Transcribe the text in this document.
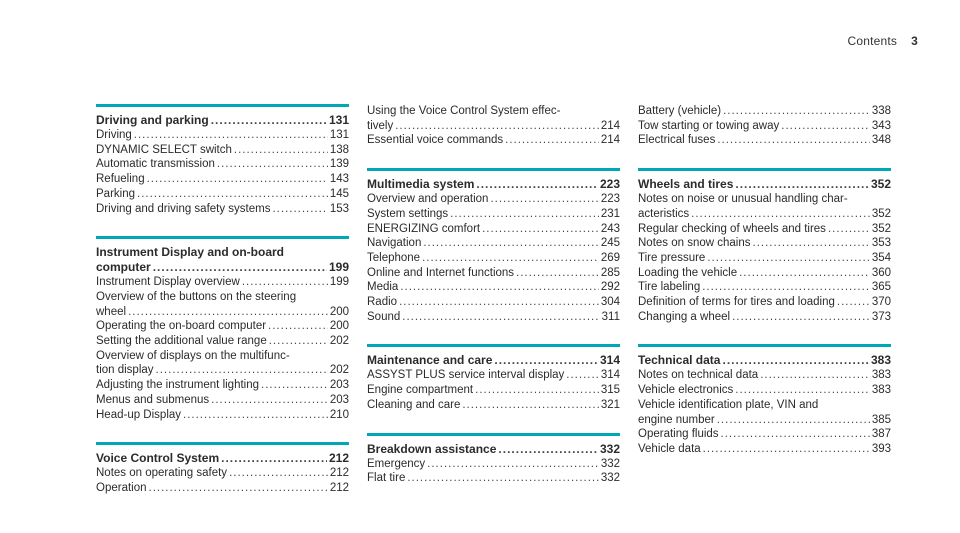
Contents 3
Driving and parking .....	131
Driving .....	131
DYNAMIC SELECT switch .....	138
Automatic transmission .....	139
Refueling .....	143
Parking .....	145
Driving and driving safety systems .....	153
Instrument Display and on-board
computer .....	199
Instrument Display overview .....	199
Overview of the buttons on the steering
wheel .....	200
Operating the on-board computer .....	200
Setting the additional value range .....	202
Overview of displays on the multifunc-
tion display .....	202
Adjusting the instrument lighting .....	203
Menus and submenus .....	203
Head-up Display .....	210
Voice Control System .....	212
Notes on operating safety .....	212
Operation .....	212
Using the Voice Control System effec-
tively .....	214
Essential voice commands .....	214
Multimedia system .....	223
Overview and operation .....	223
System settings .....	231
ENERGIZING comfort .....	243
Navigation .....	245
Telephone .....	269
Online and Internet functions .....	285
Media .....	292
Radio .....	304
Sound .....	311
Maintenance and care .....	314
ASSYST PLUS service interval display .....	314
Engine compartment .....	315
Cleaning and care .....	321
Breakdown assistance .....	332
Emergency .....	332
Flat tire .....	332
Battery (vehicle) .....	338
Tow starting or towing away .....	343
Electrical fuses .....	348
Wheels and tires .....	352
Notes on noise or unusual handling char-
acteristics .....	352
Regular checking of wheels and tires .....	352
Notes on snow chains .....	353
Tire pressure .....	354
Loading the vehicle .....	360
Tire labeling .....	365
Definition of terms for tires and loading .....	370
Changing a wheel .....	373
Technical data .....	383
Notes on technical data .....	383
Vehicle electronics .....	383
Vehicle identification plate, VIN and
engine number .....	385
Operating fluids .....	387
Vehicle data .....	393
